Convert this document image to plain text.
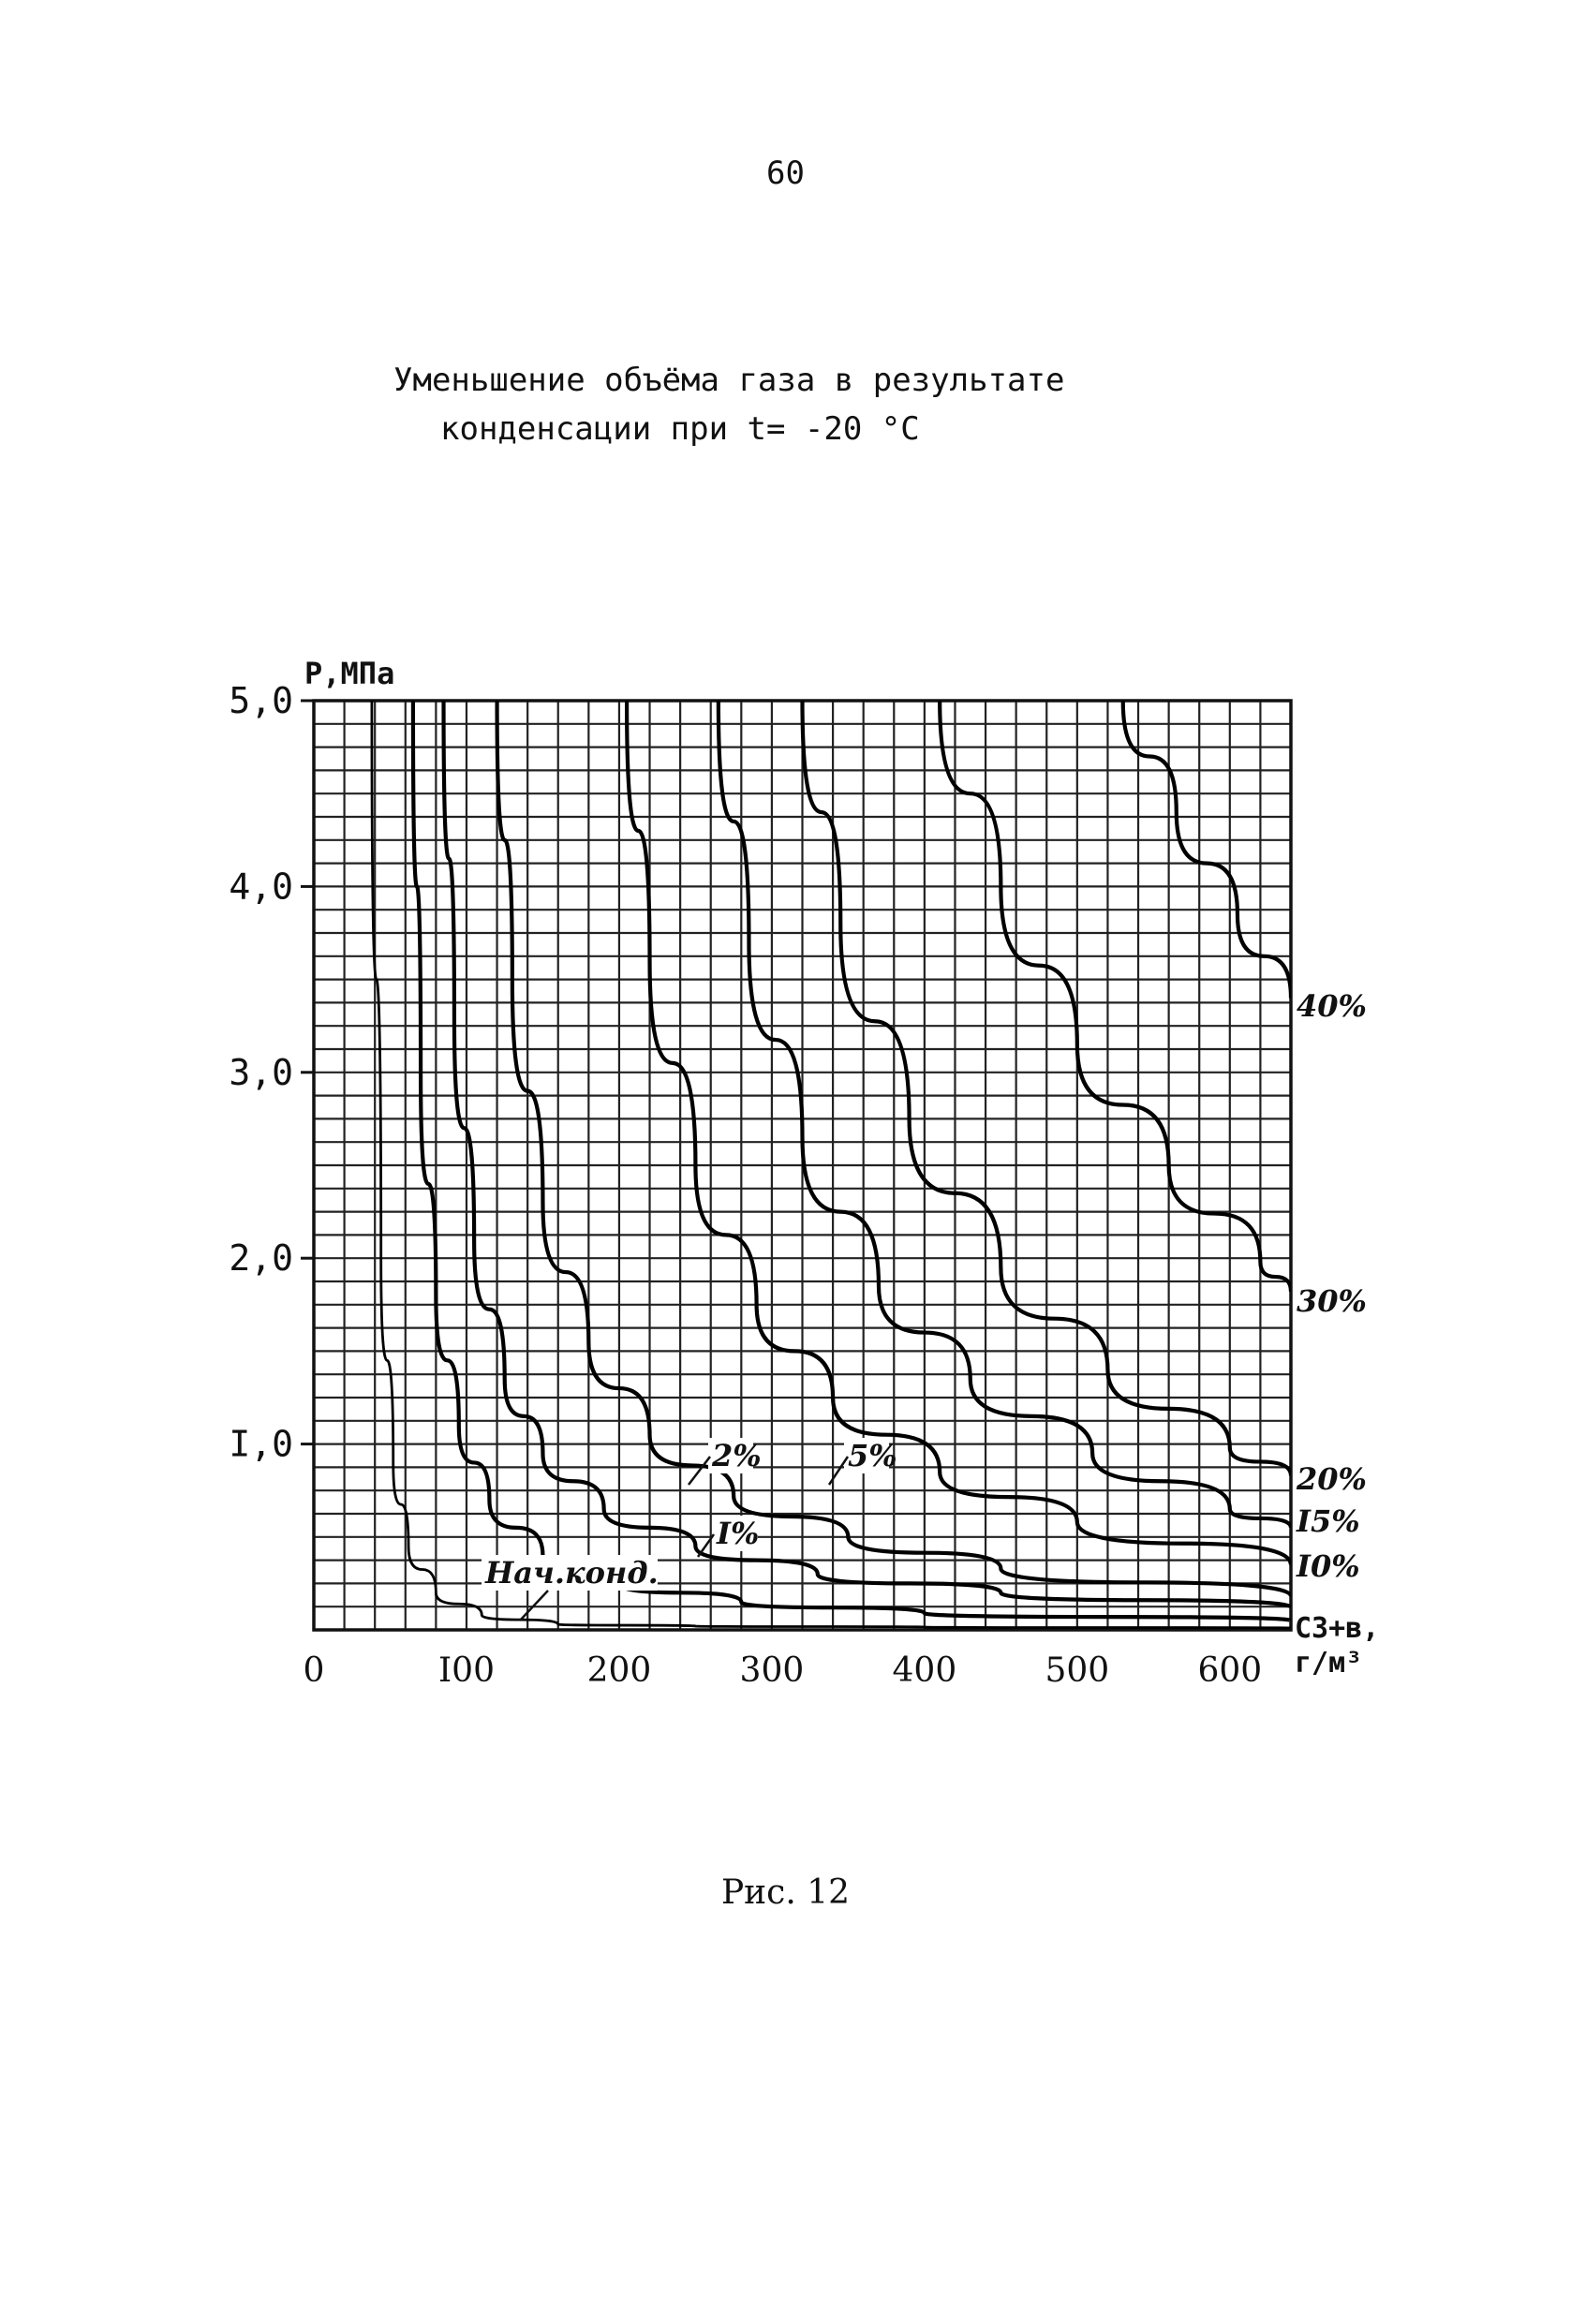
60
Уменьшение объёма газа в результате
конденсации при t= -20 °С
I,0
2,0
3,0
4,0
5,0
0	I00	200	300	400	500	600
Р,МПа
С3+в,
г/м³
40%
30%
20%
I5%
I0%
2%	5%
I%
Нач.конд.
Рис. 12
